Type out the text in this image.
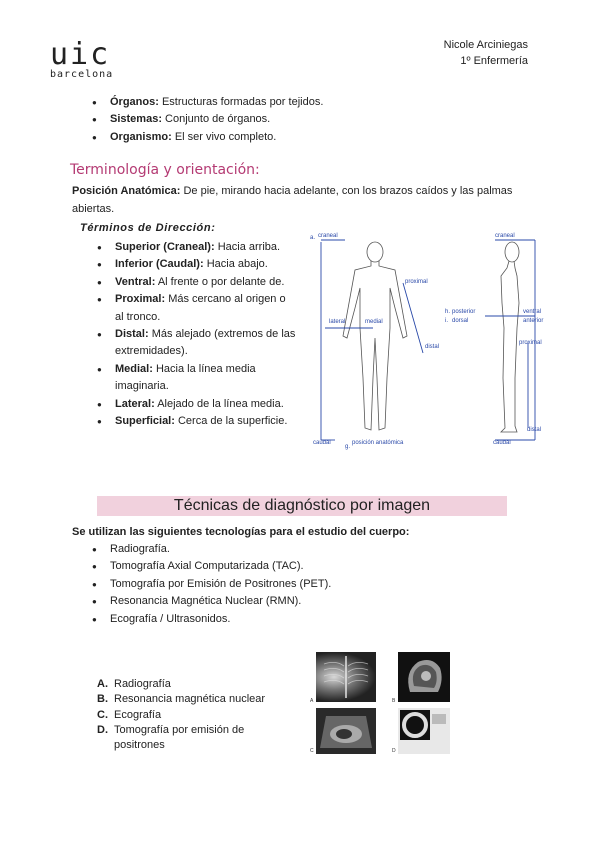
uic
barcelona
Nicole Arciniegas
1º Enfermería
● Órganos: Estructuras formadas por tejidos.
● Sistemas: Conjunto de órganos.
● Organismo: El ser vivo completo.
Terminología y orientación:
Posición Anatómica: De pie, mirando hacia adelante, con los brazos caídos y las palmas abiertas.
Términos de Dirección:
● Superior (Craneal): Hacia arriba.
● Inferior (Caudal): Hacia abajo.
● Ventral: Al frente o por delante de.
● Proximal: Más cercano al origen o al tronco.
● Distal: Más alejado (extremos de las extremidades).
● Medial: Hacia la línea media imaginaria.
● Lateral: Alejado de la línea media.
● Superficial: Cerca de la superficie.
a. craneal
proximal
lateral	medial
distal
caudal
g.
posición anatómica
craneal
h. posterior
i. dorsal
ventral
anterior
proximal
distal
caudal
Técnicas de diagnóstico por imagen
Se utilizan las siguientes tecnologías para el estudio del cuerpo:
● Radiografía.
● Tomografía Axial Computarizada (TAC).
● Tomografía por Emisión de Positrones (PET).
● Resonancia Magnética Nuclear (RMN).
● Ecografía / Ultrasonidos.
A. Radiografía
B. Resonancia magnética nuclear
C. Ecografía
D. Tomografía por emisión de positrones
A	B
C	D
